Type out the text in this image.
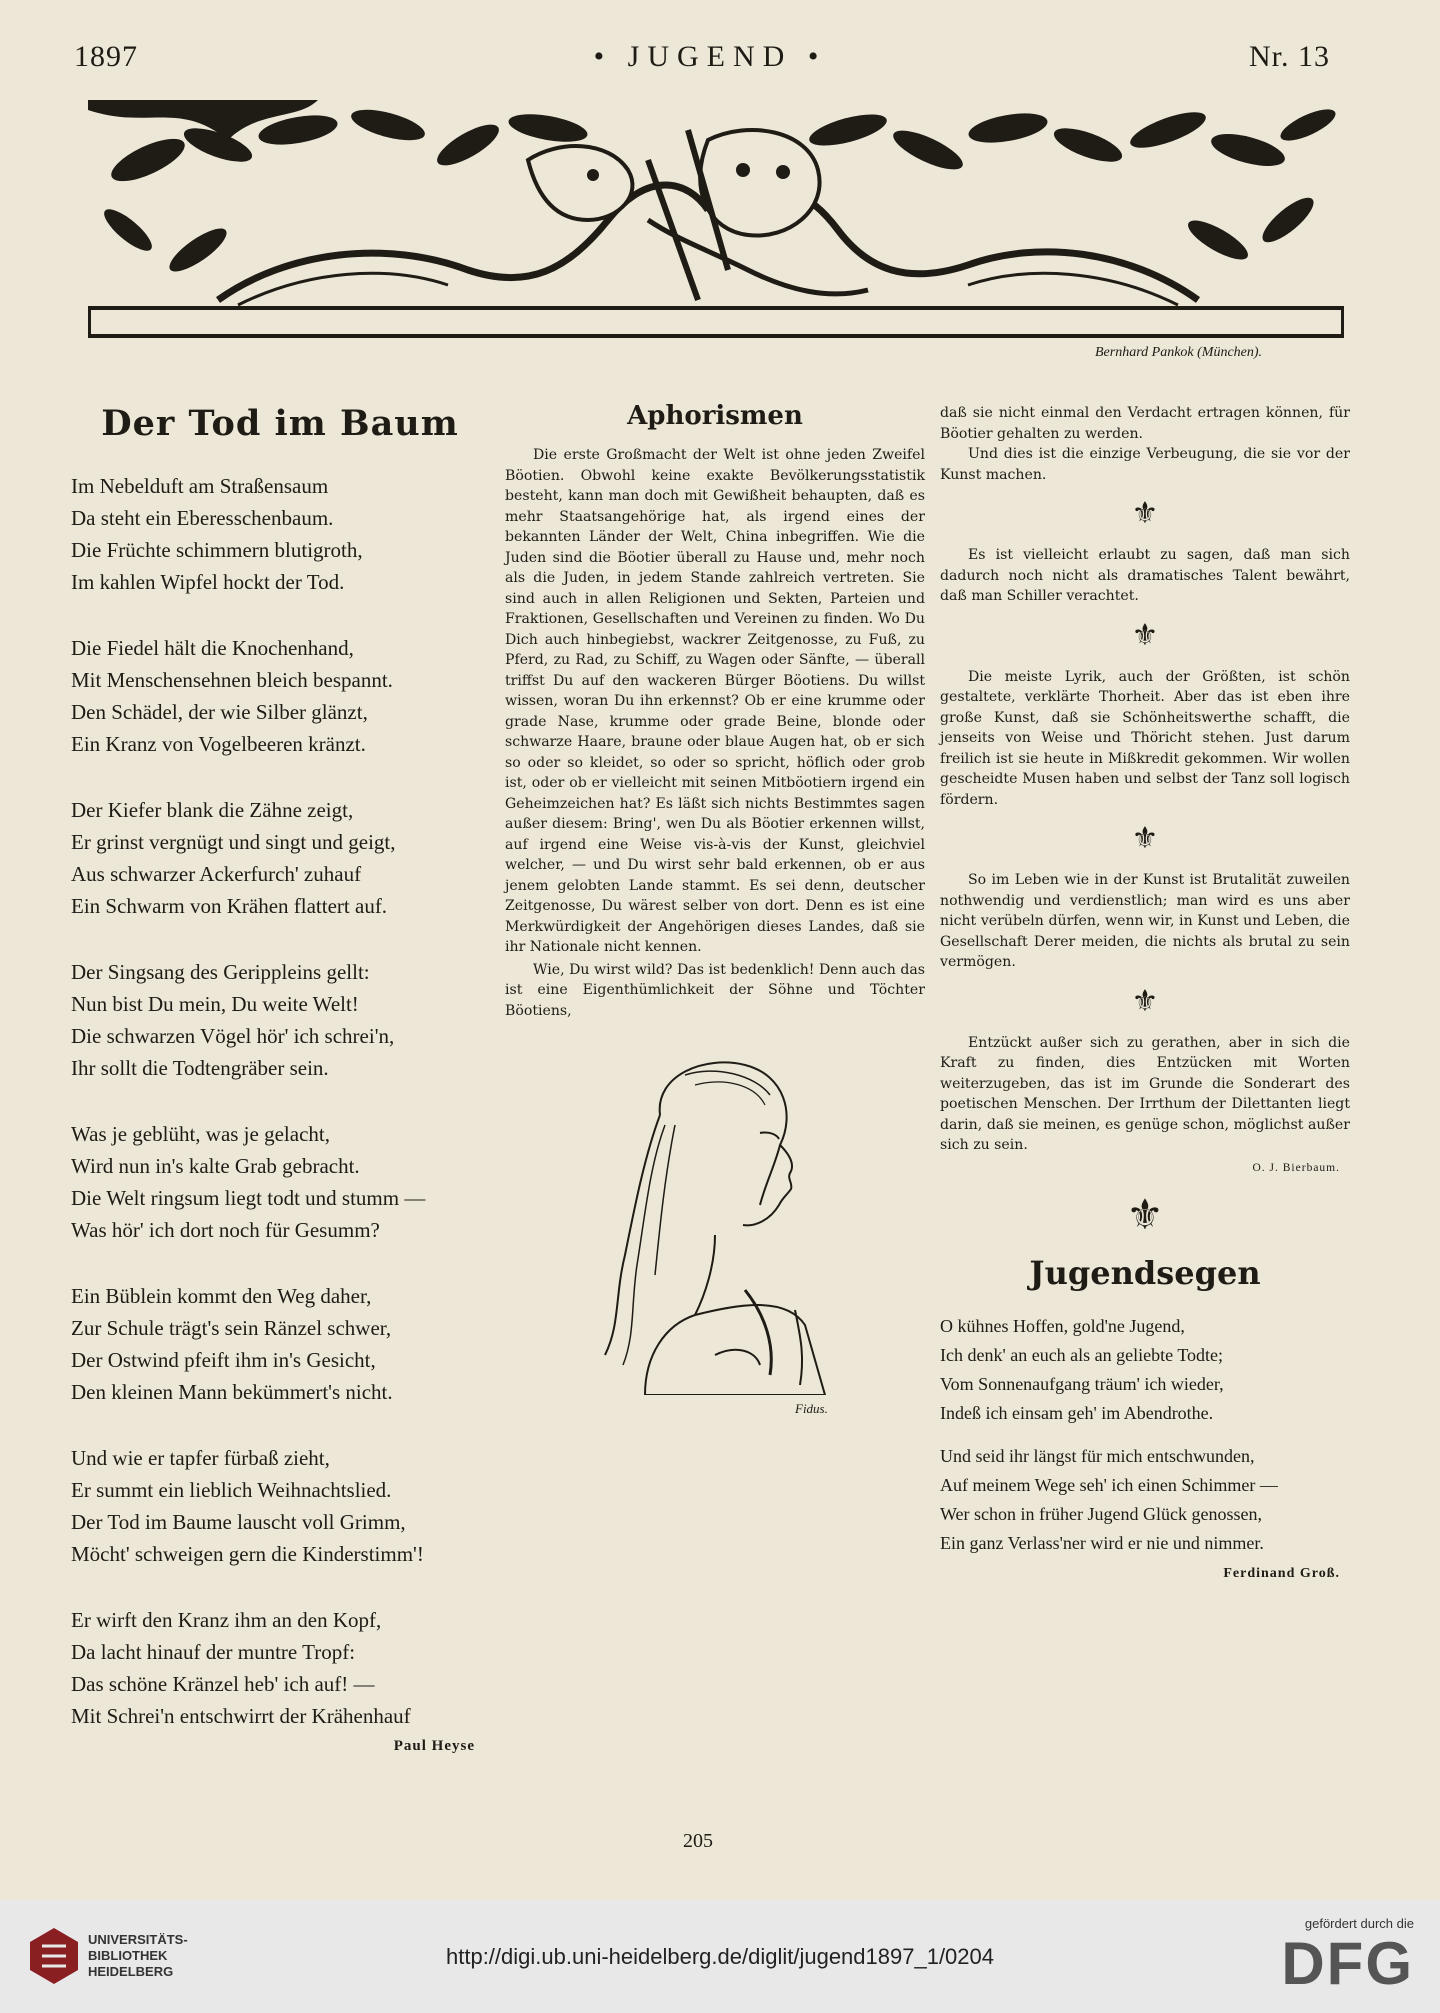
1897	• JUGEND •	Nr. 13
Bernhard Pankok (München).
Der Tod im Baum
Im Nebelduft am Straßensaum
Da steht ein Eberesschenbaum.
Die Früchte schimmern blutigroth,
Im kahlen Wipfel hockt der Tod.
Die Fiedel hält die Knochenhand,
Mit Menschensehnen bleich bespannt.
Den Schädel, der wie Silber glänzt,
Ein Kranz von Vogelbeeren kränzt.
Der Kiefer blank die Zähne zeigt,
Er grinst vergnügt und singt und geigt,
Aus schwarzer Ackerfurch' zuhauf
Ein Schwarm von Krähen flattert auf.
Der Singsang des Gerippleins gellt:
Nun bist Du mein, Du weite Welt!
Die schwarzen Vögel hör' ich schrei'n,
Ihr sollt die Todtengräber sein.
Was je geblüht, was je gelacht,
Wird nun in's kalte Grab gebracht.
Die Welt ringsum liegt todt und stumm —
Was hör' ich dort noch für Gesumm?
Ein Büblein kommt den Weg daher,
Zur Schule trägt's sein Ränzel schwer,
Der Ostwind pfeift ihm in's Gesicht,
Den kleinen Mann bekümmert's nicht.
Und wie er tapfer fürbaß zieht,
Er summt ein lieblich Weihnachtslied.
Der Tod im Baume lauscht voll Grimm,
Möcht' schweigen gern die Kinderstimm'!
Er wirft den Kranz ihm an den Kopf,
Da lacht hinauf der muntre Tropf:
Das schöne Kränzel heb' ich auf! —
Mit Schrei'n entschwirrt der Krähenhauf
Paul Heyse
Aphorismen

Die erste Großmacht der Welt ist ohne jeden Zweifel Böotien. Obwohl keine exakte Bevölkerungsstatistik besteht, kann man doch mit Gewißheit behaupten, daß es mehr Staatsangehörige hat, als irgend eines der bekannten Länder der Welt, China inbegriffen. Wie die Juden sind die Böotier überall zu Hause und, mehr noch als die Juden, in jedem Stande zahlreich vertreten. Sie sind auch in allen Religionen und Sekten, Parteien und Fraktionen, Gesellschaften und Vereinen zu finden. Wo Du Dich auch hinbegiebst, wackrer Zeitgenosse, zu Fuß, zu Pferd, zu Rad, zu Schiff, zu Wagen oder Sänfte, — überall triffst Du auf den wackeren Bürger Böotiens. Du willst wissen, woran Du ihn erkennst? Ob er eine krumme oder grade Nase, krumme oder grade Beine, blonde oder schwarze Haare, braune oder blaue Augen hat, ob er sich so oder so kleidet, so oder so spricht, höflich oder grob ist, oder ob er vielleicht mit seinen Mitböotiern irgend ein Geheimzeichen hat? Es läßt sich nichts Bestimmtes sagen außer diesem: Bring', wen Du als Böotier erkennen willst, auf irgend eine Weise vis-à-vis der Kunst, gleichviel welcher, — und Du wirst sehr bald erkennen, ob er aus jenem gelobten Lande stammt. Es sei denn, deutscher Zeitgenosse, Du wärest selber von dort. Denn es ist eine Merkwürdigkeit der Angehörigen dieses Landes, daß sie ihr Nationale nicht kennen.

Wie, Du wirst wild? Das ist bedenklich! Denn auch das ist eine Eigenthümlichkeit der Söhne und Töchter Böotiens,

Fidus.

daß sie nicht einmal den Verdacht ertragen können, für Böotier gehalten zu werden.

Und dies ist die einzige Verbeugung, die sie vor der Kunst machen.

⚜

Es ist vielleicht erlaubt zu sagen, daß man sich dadurch noch nicht als dramatisches Talent bewährt, daß man Schiller verachtet.

⚜

Die meiste Lyrik, auch der Größten, ist schön gestaltete, verklärte Thorheit. Aber das ist eben ihre große Kunst, daß sie Schönheitswerthe schafft, die jenseits von Weise und Thöricht stehen. Just darum freilich ist sie heute in Mißkredit gekommen. Wir wollen gescheidte Musen haben und selbst der Tanz soll logisch fördern.

⚜

So im Leben wie in der Kunst ist Brutalität zuweilen nothwendig und verdienstlich; man wird es uns aber nicht verübeln dürfen, wenn wir, in Kunst und Leben, die Gesellschaft Derer meiden, die nichts als brutal zu sein vermögen.

⚜

Entzückt außer sich zu gerathen, aber in sich die Kraft zu finden, dies Entzücken mit Worten weiterzugeben, das ist im Grunde die Sonderart des poetischen Menschen. Der Irrthum der Dilettanten liegt darin, daß sie meinen, es genüge schon, möglichst außer sich zu sein.

O. J. Bierbaum.
⚜
Jugendsegen
O kühnes Hoffen, gold'ne Jugend,
Ich denk' an euch als an geliebte Todte;
Vom Sonnenaufgang träum' ich wieder,
Indeß ich einsam geh' im Abendrothe.
Und seid ihr längst für mich entschwunden,
Auf meinem Wege seh' ich einen Schimmer —
Wer schon in früher Jugend Glück genossen,
Ein ganz Verlass'ner wird er nie und nimmer.
Ferdinand Groß.
205
UNIVERSITÄTS-
BIBLIOTHEK
HEIDELBERG
http://digi.ub.uni-heidelberg.de/diglit/jugend1897_1/0204
gefördert durch die
DFG
